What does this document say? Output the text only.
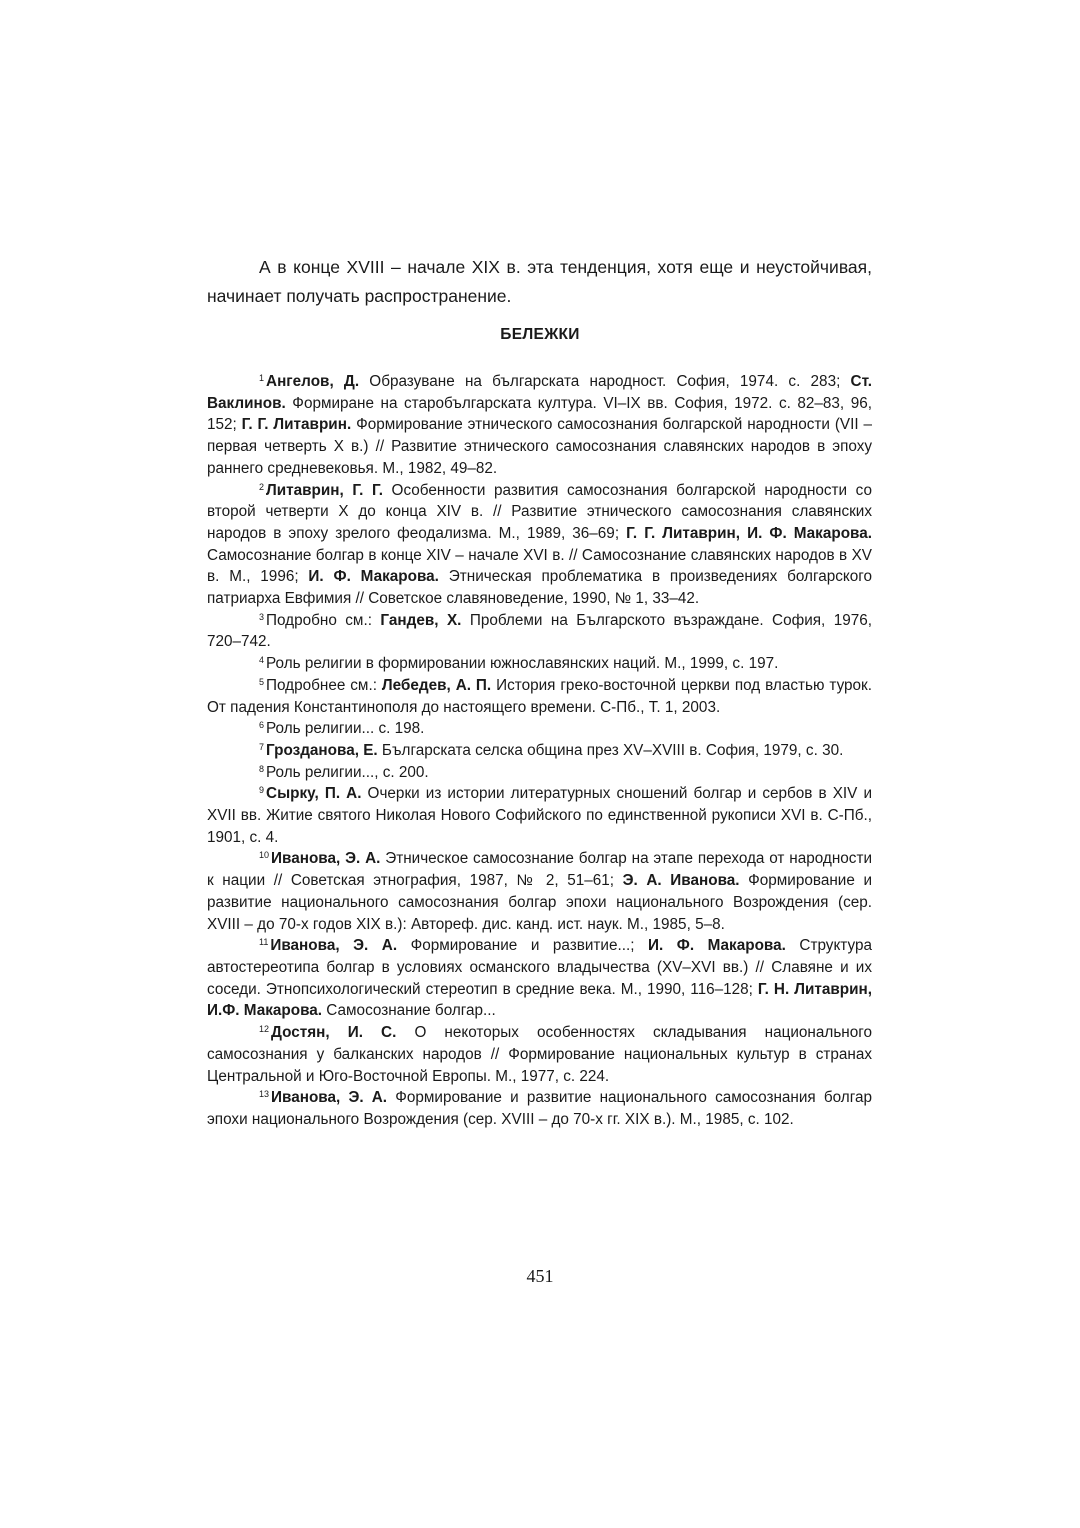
А в конце XVIII – начале XIX в. эта тенденция, хотя еще и неустойчивая, начинает получать распространение.

БЕЛЕЖКИ

$^1$ Ангелов, Д. Образуване на българската народност. София, 1974. с. 283; Ст. Ваклинов. Формиране на старобългарската култура. VI–IX вв. София, 1972. с. 82–83, 96, 152; Г. Г. Литаврин. Формирование этнического самосознания болгарской народности (VII – первая четверть X в.) // Развитие этнического самосознания славянских народов в эпоху раннего средневековья. М., 1982, 49–82.

$^2$ Литаврин, Г. Г. Особенности развития самосознания болгарской народности со второй четверти X до конца XIV в. // Развитие этнического самосознания славянских народов в эпоху зрелого феодализма. М., 1989, 36–69; Г. Г. Литаврин, И. Ф. Макарова. Самосознание болгар в конце XIV – начале XVI в. // Самосознание славянских народов в XV в. М., 1996; И. Ф. Макарова. Этническая проблематика в произведениях болгарского патриарха Евфимия // Советское славяноведение, 1990, № 1, 33–42.

$^3$ Подробно см.: Гандев, Х. Проблеми на Българското възраждане. София, 1976, 720–742.

$^4$ Роль религии в формировании южнославянских наций. М., 1999, с. 197.

$^5$ Подробнее см.: Лебедев, А. П. История греко-восточной церкви под властью турок. От падения Константинополя до настоящего времени. С-Пб., Т. 1, 2003.

$^6$ Роль религии... с. 198.

$^7$ Грозданова, Е. Българската селска община през XV–XVIII в. София, 1979, с. 30.

$^8$ Роль религии..., с. 200.

$^9$ Сырку, П. А. Очерки из истории литературных сношений болгар и сербов в XIV и XVII вв. Житие святого Николая Нового Софийского по единственной рукописи XVI в. С-Пб., 1901, с. 4.

$^{10}$ Иванова, Э. А. Этническое самосознание болгар на этапе перехода от народности к нации // Советская этнография, 1987, № 2, 51–61; Э. А. Иванова. Формирование и развитие национального самосознания болгар эпохи национального Возрождения (сер. XVIII – до 70-х годов XIX в.): Автореф. дис. канд. ист. наук. М., 1985, 5–8.

$^{11}$ Иванова, Э. А. Формирование и развитие...; И. Ф. Макарова. Структура автостереотипа болгар в условиях османского владычества (XV–XVI вв.) // Славяне и их соседи. Этнопсихологический стереотип в средние века. М., 1990, 116–128; Г. Н. Литаврин, И.Ф. Макарова. Самосознание болгар...

$^{12}$ Достян, И. С. О некоторых особенностях складывания национального самосознания у балканских народов // Формирование национальных культур в странах Центральной и Юго-Восточной Европы. М., 1977, с. 224.

$^{13}$ Иванова, Э. А. Формирование и развитие национального самосознания болгар эпохи национального Возрождения (сер. XVIII – до 70-х гг. XIX в.). М., 1985, с. 102.

451
